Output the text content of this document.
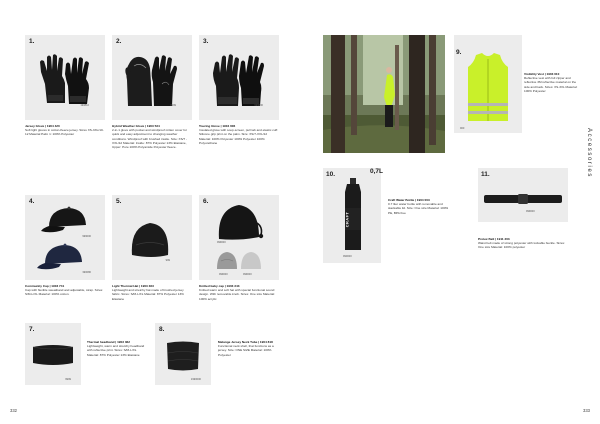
1.
190810
Jersey Glove | 1904 420
Soft light gloves in cotton-fleece jersey. Sizes XS-3XL/10-12 Material Palm 1: 100% Polyester
2.
9999
Hybrid Weather Glove | 1903 534
2-in-1 glove with pocket and windproof mitten cover for quick and easy adjustment to changing weather conditions. Windproof with brushed inside. Size: XS/7 - XXL/12 Material: Inside: 87% Polyester 13% Elastane, Upper: Pure 100% Polyamide Polyester fleece.
3.
999000
Touring Glove | 1904 606
Insulated glove with soup-screen, pull tab and elastic cuff. Silicone grip print on the palm. Size: XS/7-XXL/12 Material: 100% Polyester 100% Polyester 100% Polyurethane
4.
999000
390080
Community Cap | 1903 741
Cap with flexible sweatband and adjustable, strap. Sizes: S/M-L/XL Material: 100% cotton.
5.
999
Light Thermal Hat | 1903 363
Lightweight and stretchy hat made of brushed jersey fabric. Sizes: S/M-L/XL Material: 87% Polyester 13% Elastane
6.
999000
999000	999000
Knitted baby cap | 1903 343
Knitted warm and soft hat with special functional sound design. With removable knob. Sizes: One size Material: 100% acrylic
7.
9999
Thermal headband | 1903 362
Lightweight, warm and stretchy headband with reflective print. Sizes: S/M-L/XL Material: 87% Polyester 13% Elastane
8.
1990000
Melange Jersey Neck Tube | 1904 818
Functional neck shell, that functions as a jersey. Size: ONE SIZE Material: 100% Polyester
332
9.
900
Visibility Vest | 1903 610
Reflective vest with full zipper and reflective 3M reflective material on the side and back. Sizes: XS-3XL Material: 100% Polyester
10.
CRAFT
990000
0,7L
Craft Water Bottle | 1904 003
0.7 liter water bottle with removable and stackable lid. Size: One size Material: 100% PE, BPA free
11.
999000
Protex Belt | 1911 203
Waist belt made of strong polyester with lockable buckle. Sizes: One size Material: 100% polyester
Accessories
333
